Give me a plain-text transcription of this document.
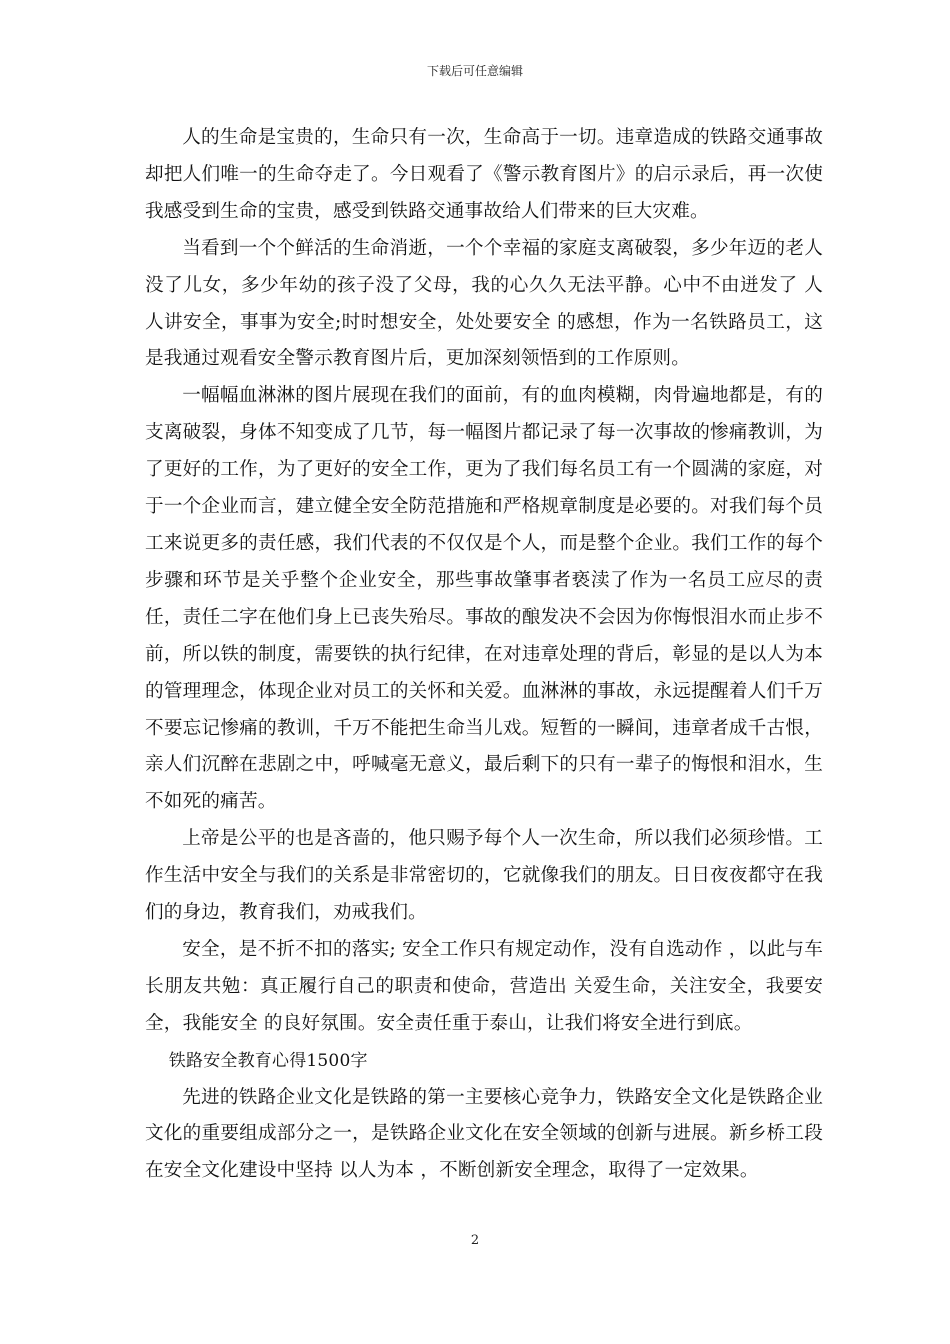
下载后可任意编辑

人的生命是宝贵的，生命只有一次，生命高于一切。违章造成的铁路交通事故却把人们唯一的生命夺走了。今日观看了《警示教育图片》的启示录后，再一次使我感受到生命的宝贵，感受到铁路交通事故给人们带来的巨大灾难。

当看到一个个鲜活的生命消逝，一个个幸福的家庭支离破裂，多少年迈的老人没了儿女，多少年幼的孩子没了父母，我的心久久无法平静。心中不由迸发了 人人讲安全，事事为安全;时时想安全，处处要安全 的感想，作为一名铁路员工，这是我通过观看安全警示教育图片后，更加深刻领悟到的工作原则。

一幅幅血淋淋的图片展现在我们的面前，有的血肉模糊，肉骨遍地都是，有的支离破裂，身体不知变成了几节，每一幅图片都记录了每一次事故的惨痛教训，为了更好的工作，为了更好的安全工作，更为了我们每名员工有一个圆满的家庭，对于一个企业而言，建立健全安全防范措施和严格规章制度是必要的。对我们每个员工来说更多的责任感，我们代表的不仅仅是个人，而是整个企业。我们工作的每个步骤和环节是关乎整个企业安全，那些事故肇事者亵渎了作为一名员工应尽的责任，责任二字在他们身上已丧失殆尽。事故的酿发决不会因为你悔恨泪水而止步不前，所以铁的制度，需要铁的执行纪律，在对违章处理的背后，彰显的是以人为本的管理理念，体现企业对员工的关怀和关爱。血淋淋的事故，永远提醒着人们千万不要忘记惨痛的教训，千万不能把生命当儿戏。短暂的一瞬间，违章者成千古恨，亲人们沉醉在悲剧之中，呼喊毫无意义，最后剩下的只有一辈子的悔恨和泪水，生不如死的痛苦。

上帝是公平的也是吝啬的，他只赐予每个人一次生命，所以我们必须珍惜。工作生活中安全与我们的关系是非常密切的，它就像我们的朋友。日日夜夜都守在我们的身边，教育我们，劝戒我们。

安全，是不折不扣的落实; 安全工作只有规定动作，没有自选动作 ，以此与车长朋友共勉：真正履行自己的职责和使命，营造出 关爱生命，关注安全，我要安全，我能安全 的良好氛围。安全责任重于泰山，让我们将安全进行到底。

铁路安全教育心得1500字

先进的铁路企业文化是铁路的第一主要核心竞争力，铁路安全文化是铁路企业文化的重要组成部分之一，是铁路企业文化在安全领域的创新与进展。新乡桥工段在安全文化建设中坚持 以人为本 ，不断创新安全理念，取得了一定效果。

2
